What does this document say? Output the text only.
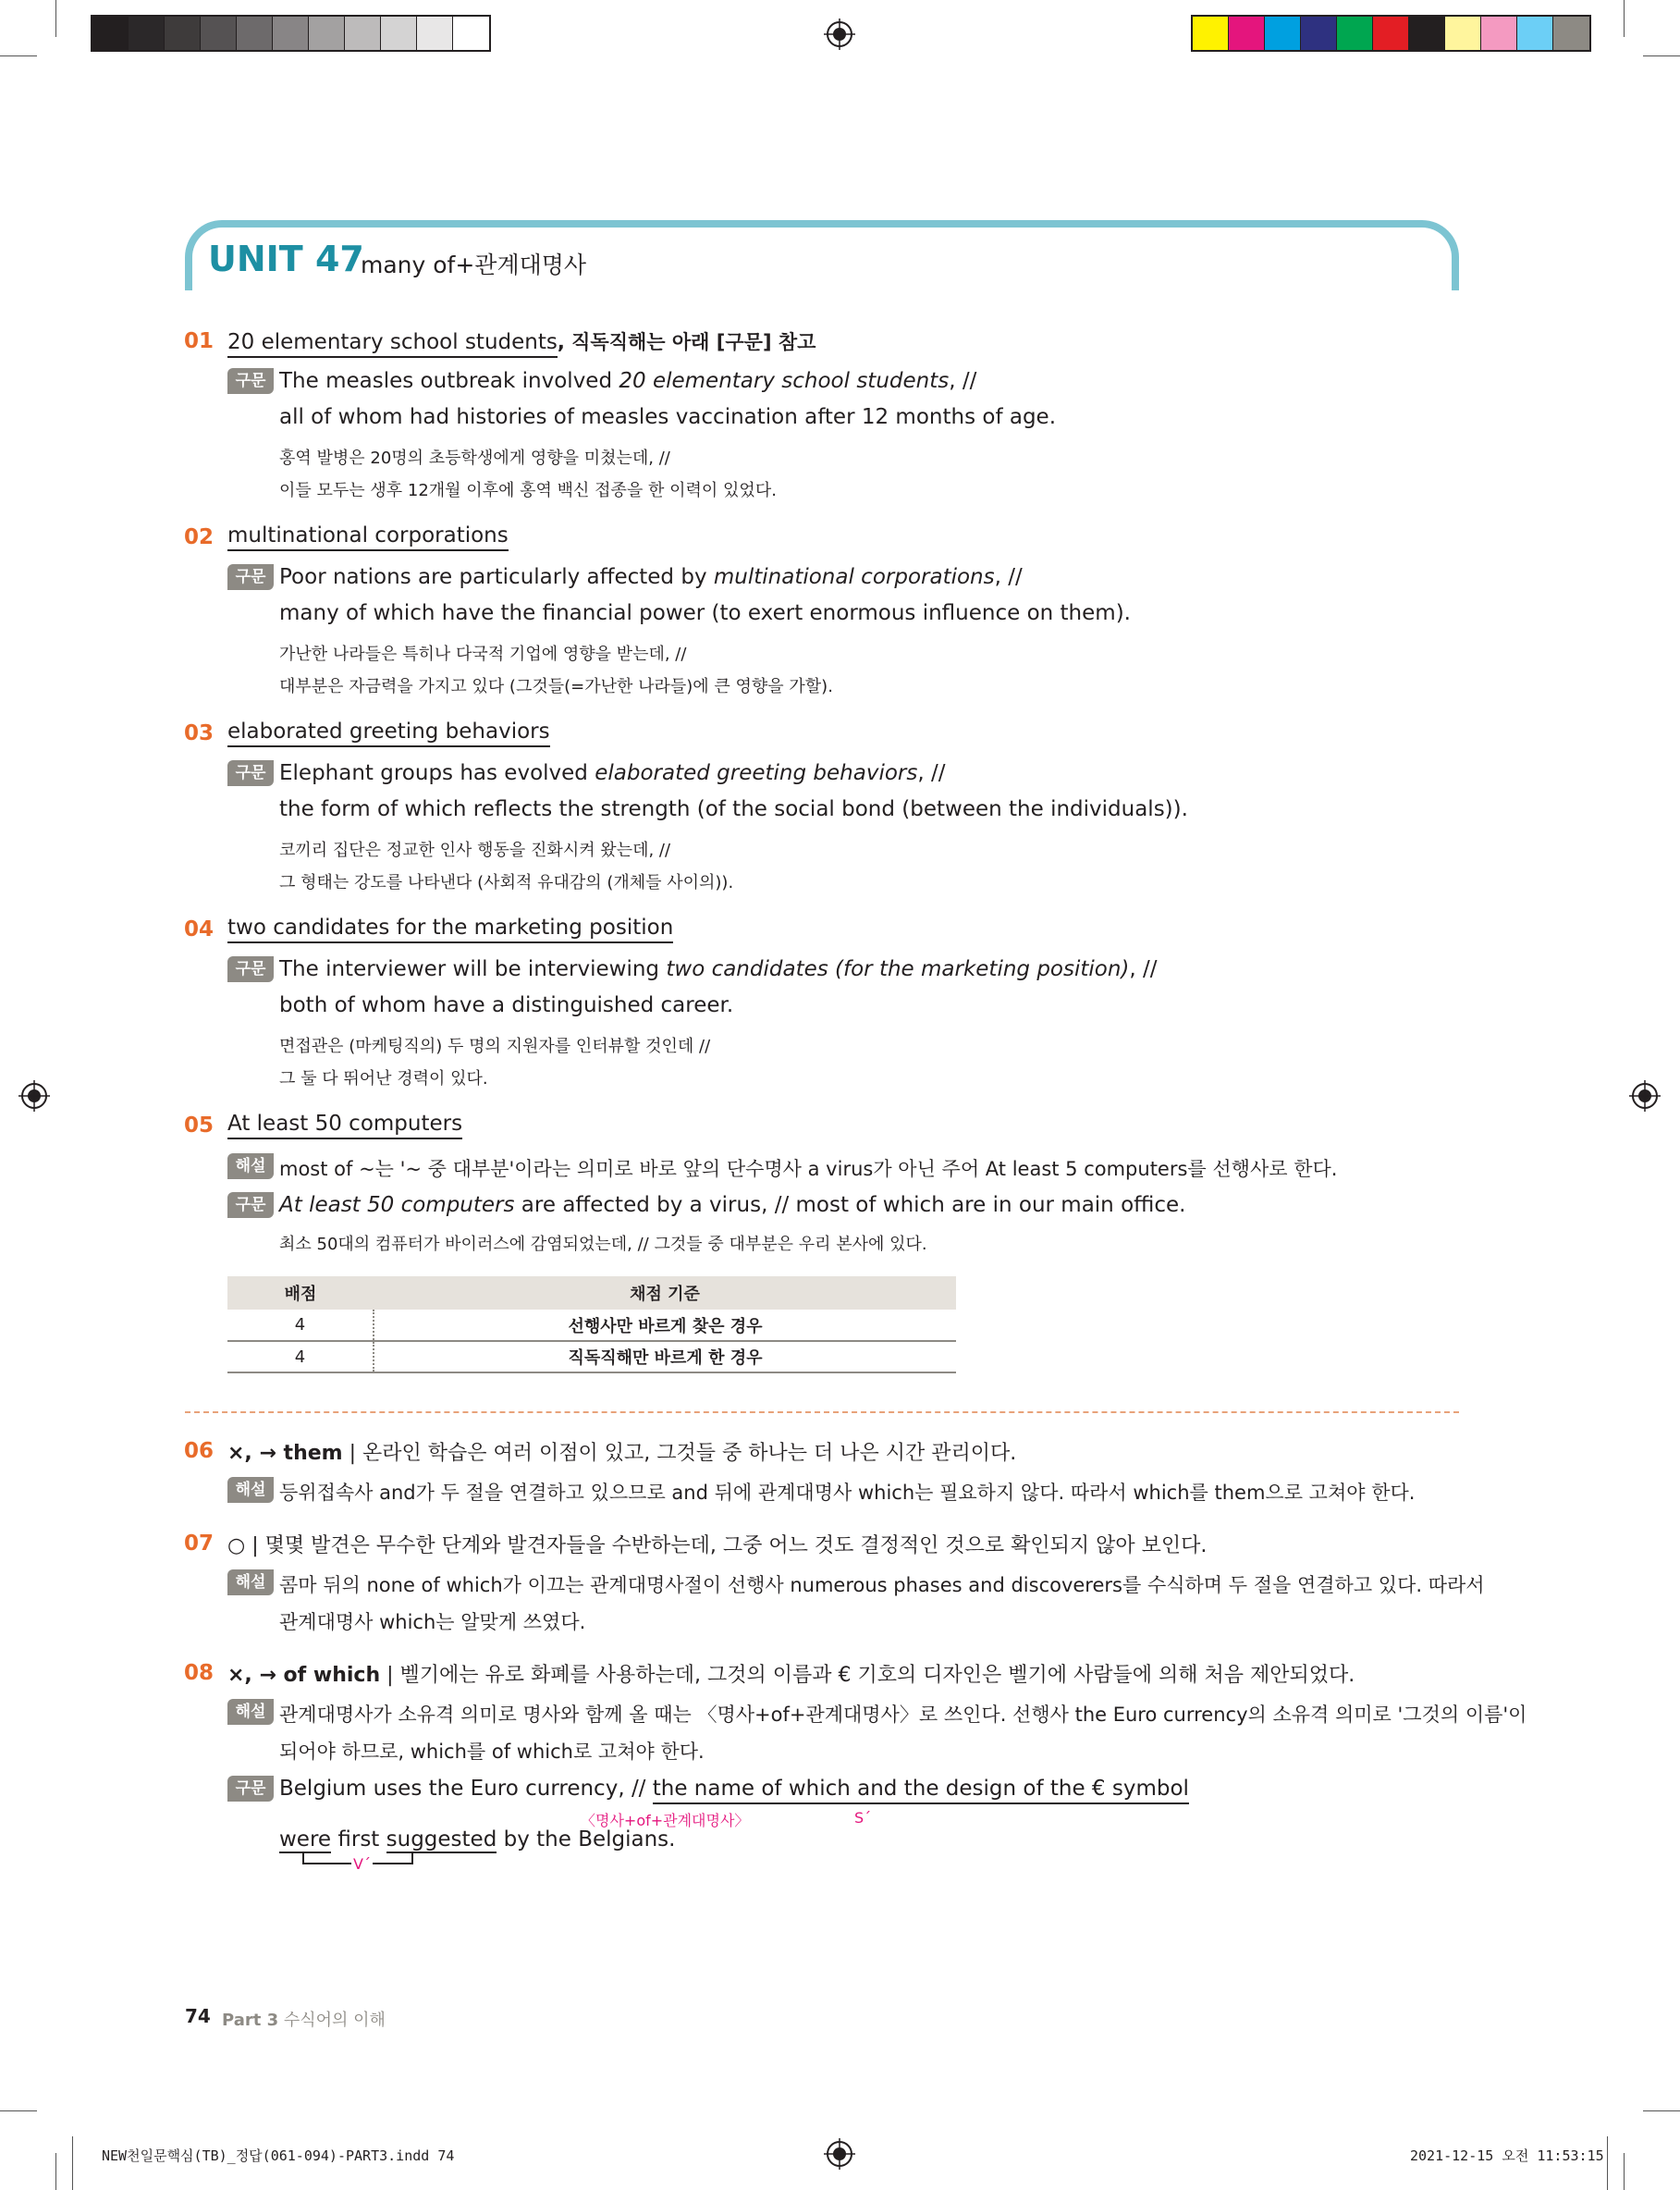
UNIT 47
many of+관계대명사
01 20 elementary school students, 직독직해는 아래 [구문] 참고
구문 The measles outbreak involved 20 elementary school students, //
all of whom had histories of measles vaccination after 12 months of age.
홍역 발병은 20명의 초등학생에게 영향을 미쳤는데, //
이들 모두는 생후 12개월 이후에 홍역 백신 접종을 한 이력이 있었다.
02 multinational corporations
구문 Poor nations are particularly affected by multinational corporations, //
many of which have the financial power (to exert enormous influence on them).
가난한 나라들은 특히나 다국적 기업에 영향을 받는데, //
대부분은 자금력을 가지고 있다 (그것들(=가난한 나라들)에 큰 영향을 가할).
03 elaborated greeting behaviors
구문 Elephant groups has evolved elaborated greeting behaviors, //
the form of which reflects the strength (of the social bond (between the individuals)).
코끼리 집단은 정교한 인사 행동을 진화시켜 왔는데, //
그 형태는 강도를 나타낸다 (사회적 유대감의 (개체들 사이의)).
04 two candidates for the marketing position
구문 The interviewer will be interviewing two candidates (for the marketing position), //
both of whom have a distinguished career.
면접관은 (마케팅직의) 두 명의 지원자를 인터뷰할 것인데 //
그 둘 다 뛰어난 경력이 있다.
05 At least 50 computers
해설 most of ~는 '~ 중 대부분'이라는 의미로 바로 앞의 단수명사 a virus가 아닌 주어 At least 5 computers를 선행사로 한다.
구문 At least 50 computers are affected by a virus, // most of which are in our main office.
최소 50대의 컴퓨터가 바이러스에 감염되었는데, // 그것들 중 대부분은 우리 본사에 있다.
배점	채점 기준
4	선행사만 바르게 찾은 경우
4	직독직해만 바르게 한 경우
06 ×, → them | 온라인 학습은 여러 이점이 있고, 그것들 중 하나는 더 나은 시간 관리이다.
해설 등위접속사 and가 두 절을 연결하고 있으므로 and 뒤에 관계대명사 which는 필요하지 않다. 따라서 which를 them으로 고쳐야 한다.
07 ○ | 몇몇 발견은 무수한 단계와 발견자들을 수반하는데, 그중 어느 것도 결정적인 것으로 확인되지 않아 보인다.
해설 콤마 뒤의 none of which가 이끄는 관계대명사절이 선행사 numerous phases and discoverers를 수식하며 두 절을 연결하고 있다. 따라서
관계대명사 which는 알맞게 쓰였다.
08 ×, → of which | 벨기에는 유로 화폐를 사용하는데, 그것의 이름과 € 기호의 디자인은 벨기에 사람들에 의해 처음 제안되었다.
해설 관계대명사가 소유격 의미로 명사와 함께 올 때는 〈명사+of+관계대명사〉로 쓰인다. 선행사 the Euro currency의 소유격 의미로 '그것의 이름'이
되어야 하므로, which를 of which로 고쳐야 한다.
구문 Belgium uses the Euro currency, // the name of which and the design of the € symbol
〈명사+of+관계대명사〉	S´
were first suggested by the Belgians.
V´
74 Part 3 수식어의 이해
NEW천일문핵심(TB)_정답(061-094)-PART3.indd 74	2021-12-15 오전 11:53:15
